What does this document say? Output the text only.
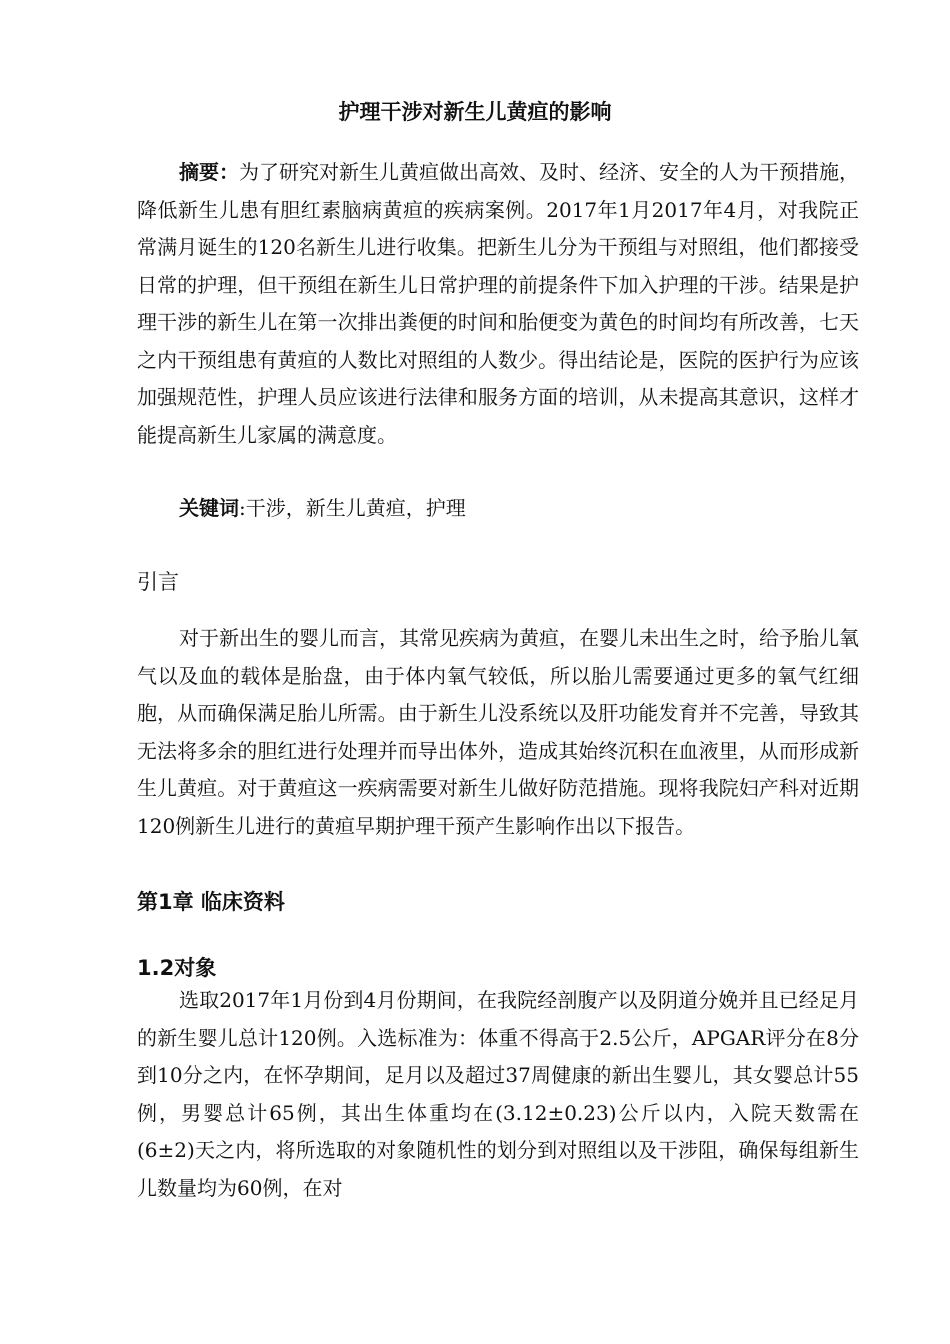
护理干涉对新生儿黄疸的影响
摘要：为了研究对新生儿黄疸做出高效、及时、经济、安全的人为干预措施，降低新生儿患有胆红素脑病黄疸的疾病案例。2017年1月2017年4月，对我院正常满月诞生的120名新生儿进行收集。把新生儿分为干预组与对照组，他们都接受日常的护理，但干预组在新生儿日常护理的前提条件下加入护理的干涉。结果是护理干涉的新生儿在第一次排出粪便的时间和胎便变为黄色的时间均有所改善，七天之内干预组患有黄疸的人数比对照组的人数少。得出结论是，医院的医护行为应该加强规范性，护理人员应该进行法律和服务方面的培训，从未提高其意识，这样才能提高新生儿家属的满意度。
关键词:干涉，新生儿黄疸，护理
引言
对于新出生的婴儿而言，其常见疾病为黄疸，在婴儿未出生之时，给予胎儿氧气以及血的载体是胎盘，由于体内氧气较低，所以胎儿需要通过更多的氧气红细胞，从而确保满足胎儿所需。由于新生儿没系统以及肝功能发育并不完善，导致其无法将多余的胆红进行处理并而导出体外，造成其始终沉积在血液里，从而形成新生儿黄疸。对于黄疸这一疾病需要对新生儿做好防范措施。现将我院妇产科对近期120例新生儿进行的黄疸早期护理干预产生影响作出以下报告。
第1章 临床资料
1.2对象
选取2017年1月份到4月份期间，在我院经剖腹产以及阴道分娩并且已经足月的新生婴儿总计120例。入选标准为：体重不得高于2.5公斤，APGAR评分在8分到10分之内，在怀孕期间，足月以及超过37周健康的新出生婴儿，其女婴总计55例，男婴总计65例，其出生体重均在(3.12±0.23)公斤以内，入院天数需在(6±2)天之内，将所选取的对象随机性的划分到对照组以及干涉阻，确保每组新生儿数量均为60例，在对
